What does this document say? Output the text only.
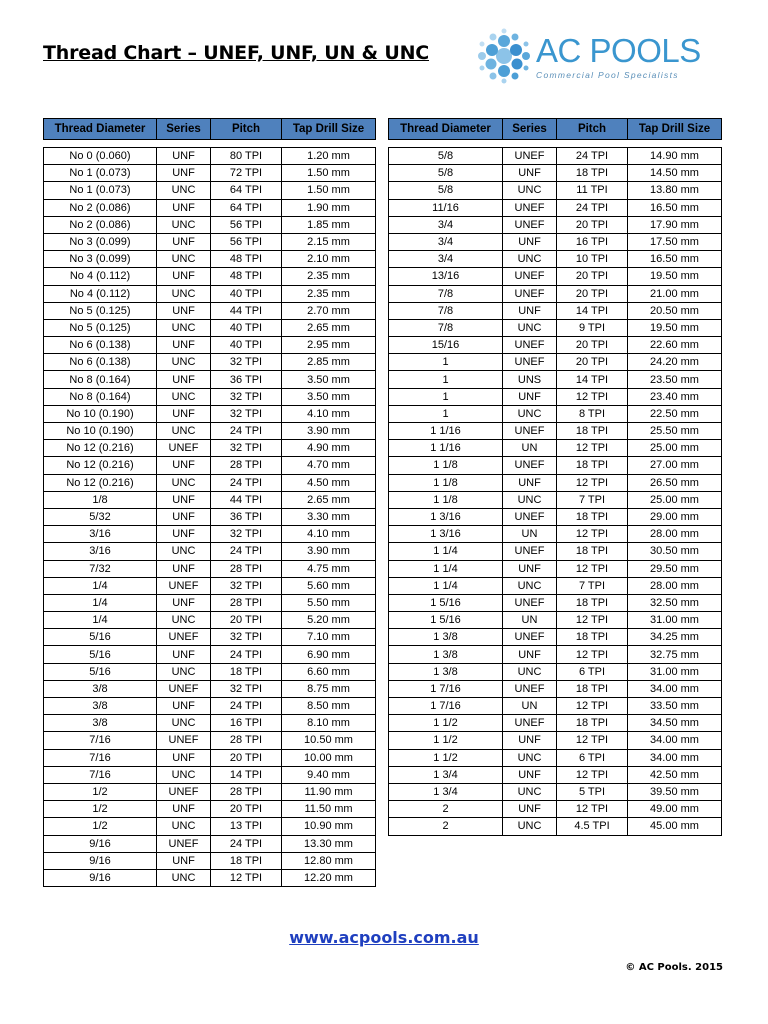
Thread Chart – UNEF, UNF, UN & UNC	AC POOLS
Commercial Pool Specialists
Thread Diameter	Series	Pitch	Tap Drill Size

No 0 (0.060)	UNF	80 TPI	1.20 mm
No 1 (0.073)	UNF	72 TPI	1.50 mm
No 1 (0.073)	UNC	64 TPI	1.50 mm
No 2 (0.086)	UNF	64 TPI	1.90 mm
No 2 (0.086)	UNC	56 TPI	1.85 mm
No 3 (0.099)	UNF	56 TPI	2.15 mm
No 3 (0.099)	UNC	48 TPI	2.10 mm
No 4 (0.112)	UNF	48 TPI	2.35 mm
No 4 (0.112)	UNC	40 TPI	2.35 mm
No 5 (0.125)	UNF	44 TPI	2.70 mm
No 5 (0.125)	UNC	40 TPI	2.65 mm
No 6 (0.138)	UNF	40 TPI	2.95 mm
No 6 (0.138)	UNC	32 TPI	2.85 mm
No 8 (0.164)	UNF	36 TPI	3.50 mm
No 8 (0.164)	UNC	32 TPI	3.50 mm
No 10 (0.190)	UNF	32 TPI	4.10 mm
No 10 (0.190)	UNC	24 TPI	3.90 mm
No 12 (0.216)	UNEF	32 TPI	4.90 mm
No 12 (0.216)	UNF	28 TPI	4.70 mm
No 12 (0.216)	UNC	24 TPI	4.50 mm
1/8	UNF	44 TPI	2.65 mm
5/32	UNF	36 TPI	3.30 mm
3/16	UNF	32 TPI	4.10 mm
3/16	UNC	24 TPI	3.90 mm
7/32	UNF	28 TPI	4.75 mm
1/4	UNEF	32 TPI	5.60 mm
1/4	UNF	28 TPI	5.50 mm
1/4	UNC	20 TPI	5.20 mm
5/16	UNEF	32 TPI	7.10 mm
5/16	UNF	24 TPI	6.90 mm
5/16	UNC	18 TPI	6.60 mm
3/8	UNEF	32 TPI	8.75 mm
3/8	UNF	24 TPI	8.50 mm
3/8	UNC	16 TPI	8.10 mm
7/16	UNEF	28 TPI	10.50 mm
7/16	UNF	20 TPI	10.00 mm
7/16	UNC	14 TPI	9.40 mm
1/2	UNEF	28 TPI	11.90 mm
1/2	UNF	20 TPI	11.50 mm
1/2	UNC	13 TPI	10.90 mm
9/16	UNEF	24 TPI	13.30 mm
9/16	UNF	18 TPI	12.80 mm
9/16	UNC	12 TPI	12.20 mm
Thread Diameter	Series	Pitch	Tap Drill Size

5/8	UNEF	24 TPI	14.90 mm
5/8	UNF	18 TPI	14.50 mm
5/8	UNC	11 TPI	13.80 mm
11/16	UNEF	24 TPI	16.50 mm
3/4	UNEF	20 TPI	17.90 mm
3/4	UNF	16 TPI	17.50 mm
3/4	UNC	10 TPI	16.50 mm
13/16	UNEF	20 TPI	19.50 mm
7/8	UNEF	20 TPI	21.00 mm
7/8	UNF	14 TPI	20.50 mm
7/8	UNC	9 TPI	19.50 mm
15/16	UNEF	20 TPI	22.60 mm
1	UNEF	20 TPI	24.20 mm
1	UNS	14 TPI	23.50 mm
1	UNF	12 TPI	23.40 mm
1	UNC	8 TPI	22.50 mm
1 1/16	UNEF	18 TPI	25.50 mm
1 1/16	UN	12 TPI	25.00 mm
1 1/8	UNEF	18 TPI	27.00 mm
1 1/8	UNF	12 TPI	26.50 mm
1 1/8	UNC	7 TPI	25.00 mm
1 3/16	UNEF	18 TPI	29.00 mm
1 3/16	UN	12 TPI	28.00 mm
1 1/4	UNEF	18 TPI	30.50 mm
1 1/4	UNF	12 TPI	29.50 mm
1 1/4	UNC	7 TPI	28.00 mm
1 5/16	UNEF	18 TPI	32.50 mm
1 5/16	UN	12 TPI	31.00 mm
1 3/8	UNEF	18 TPI	34.25 mm
1 3/8	UNF	12 TPI	32.75 mm
1 3/8	UNC	6 TPI	31.00 mm
1 7/16	UNEF	18 TPI	34.00 mm
1 7/16	UN	12 TPI	33.50 mm
1 1/2	UNEF	18 TPI	34.50 mm
1 1/2	UNF	12 TPI	34.00 mm
1 1/2	UNC	6 TPI	34.00 mm
1 3/4	UNF	12 TPI	42.50 mm
1 3/4	UNC	5 TPI	39.50 mm
2	UNF	12 TPI	49.00 mm
2	UNC	4.5 TPI	45.00 mm
www.acpools.com.au
© AC Pools. 2015
